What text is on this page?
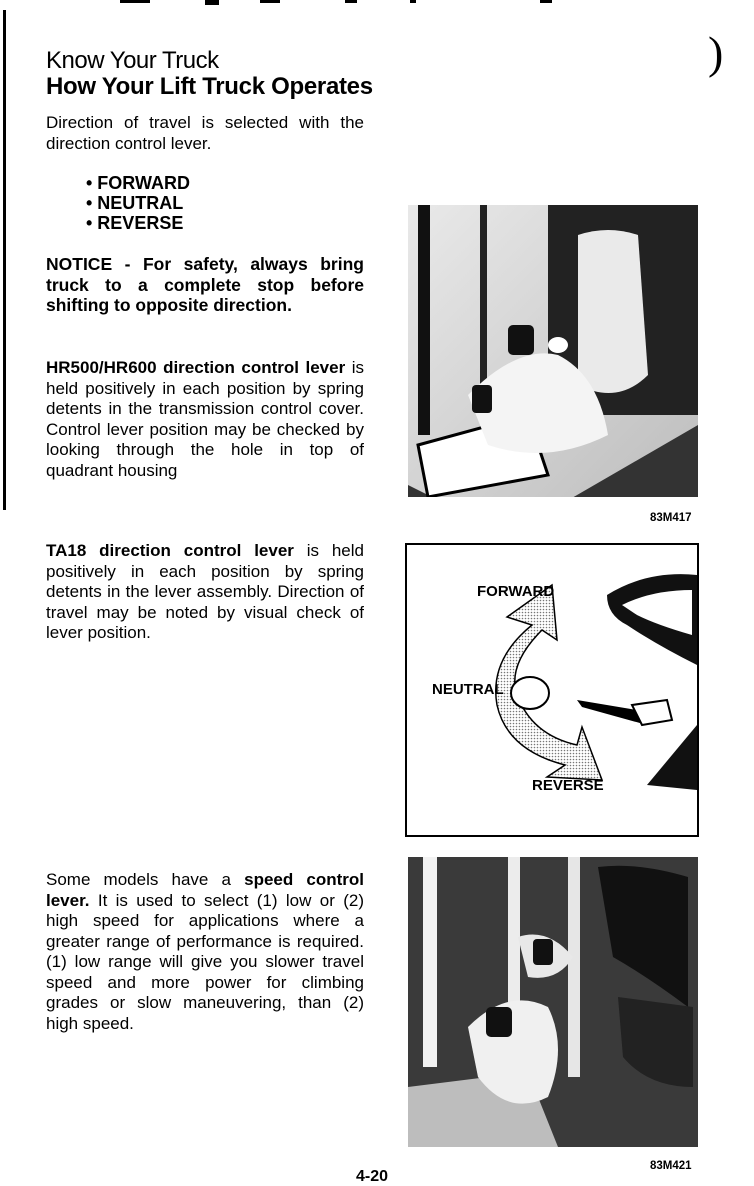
)
Know Your Truck
How Your Lift Truck Operates
Direction of travel is selected with the direction control lever.
• FORWARD
• NEUTRAL
• REVERSE
NOTICE - For safety, always bring truck to a complete stop before shifting to opposite direction.
HR500/HR600 direction control lever is held positively in each position by spring detents in the transmission control cover. Control lever position may be checked by looking through the hole in top of quadrant housing
TA18 direction control lever is held positively in each position by spring detents in the lever assembly. Direction of travel may be noted by visual check of lever position.
Some models have a speed control lever. It is used to select (1) low or (2) high speed for applications where a greater range of performance is required. (1) low range will give you slower travel speed and more power for climbing grades or slow maneuvering, than (2) high speed.
83M417
FORWARD
NEUTRAL
REVERSE
83M421
4-20
